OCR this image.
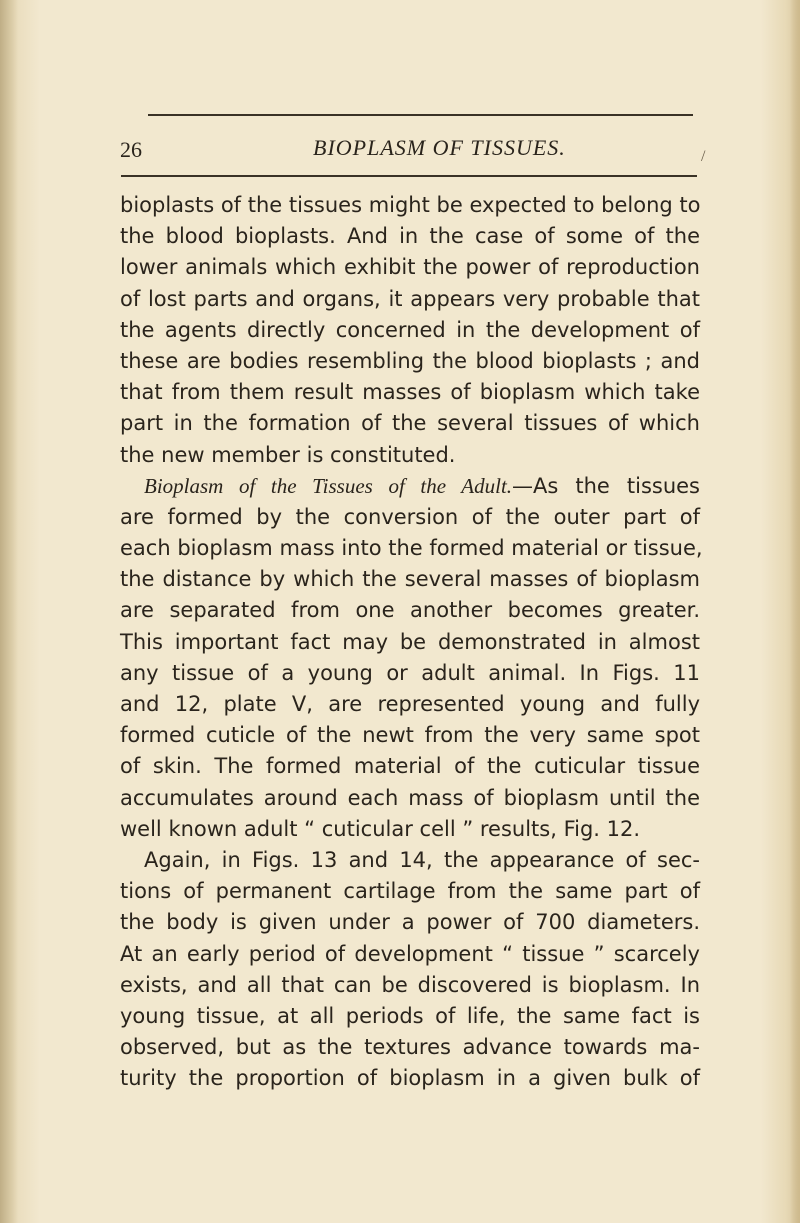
26	BIOPLASM OF TISSUES.	/
bioplasts of the tissues might be expected to belong to
the blood bioplasts. And in the case of some of the
lower animals which exhibit the power of reproduction
of lost parts and organs, it appears very probable that
the agents directly concerned in the development of
these are bodies resembling the blood bioplasts ; and
that from them result masses of bioplasm which take
part in the formation of the several tissues of which
the new member is constituted.
Bioplasm of the Tissues of the Adult.—As the tissues
are formed by the conversion of the outer part of
each bioplasm mass into the formed material or tissue,
the distance by which the several masses of bioplasm
are separated from one another becomes greater.
This important fact may be demonstrated in almost
any tissue of a young or adult animal. In Figs. 11
and 12, plate V, are represented young and fully
formed cuticle of the newt from the very same spot
of skin. The formed material of the cuticular tissue
accumulates around each mass of bioplasm until the
well known adult “ cuticular cell ” results, Fig. 12.
Again, in Figs. 13 and 14, the appearance of sec-
tions of permanent cartilage from the same part of
the body is given under a power of 700 diameters.
At an early period of development “ tissue ” scarcely
exists, and all that can be discovered is bioplasm. In
young tissue, at all periods of life, the same fact is
observed, but as the textures advance towards ma-
turity the proportion of bioplasm in a given bulk of
